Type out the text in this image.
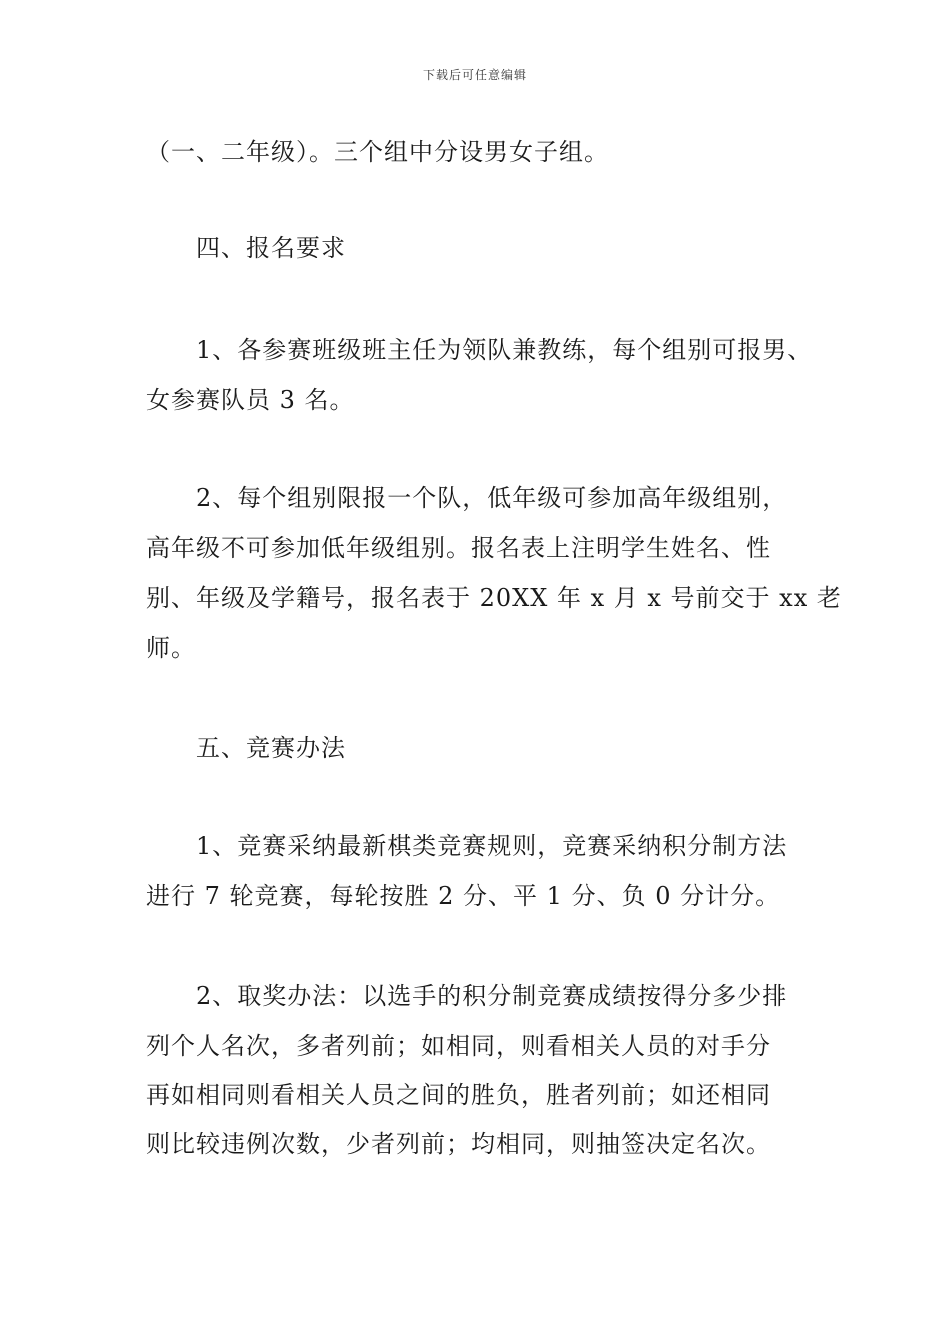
下载后可任意编辑
（一、二年级）。三个组中分设男女子组。
四、报名要求
1、各参赛班级班主任为领队兼教练，每个组别可报男、
女参赛队员 3 名。
2、每个组别限报一个队，低年级可参加高年级组别，
高年级不可参加低年级组别。报名表上注明学生姓名、性
别、年级及学籍号，报名表于 20XX 年 x 月 x 号前交于 xx 老
师。
五、竞赛办法
1、竞赛采纳最新棋类竞赛规则，竞赛采纳积分制方法
进行 7 轮竞赛，每轮按胜 2 分、平 1 分、负 0 分计分。
2、取奖办法：以选手的积分制竞赛成绩按得分多少排
列个人名次，多者列前；如相同，则看相关人员的对手分
再如相同则看相关人员之间的胜负，胜者列前；如还相同
则比较违例次数，少者列前；均相同，则抽签决定名次。
